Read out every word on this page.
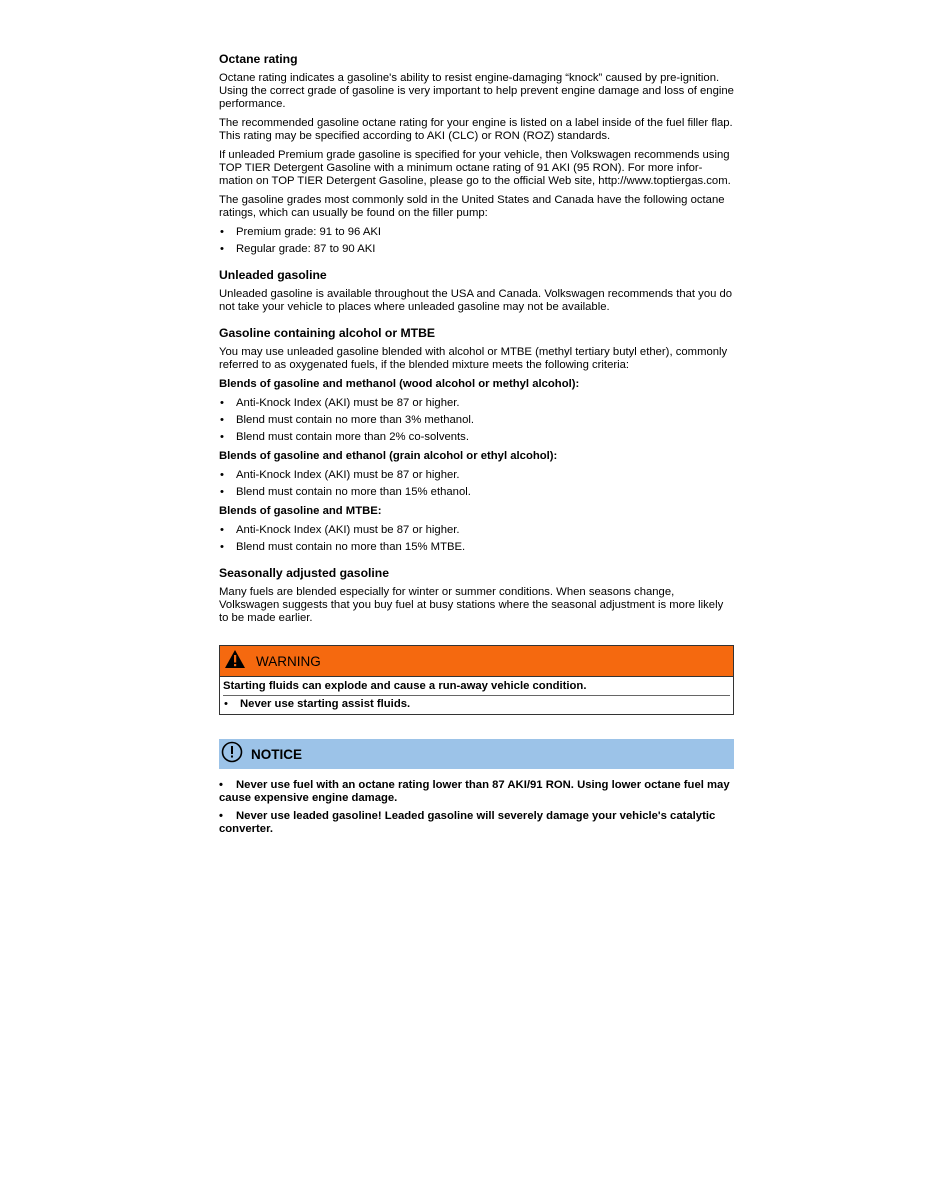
Octane rating

Octane rating indicates a gasoline's ability to resist engine-damaging “knock” caused by pre-ignition. Using the correct grade of gasoline is very important to help prevent engine damage and loss of engine performance.

The recommended gasoline octane rating for your engine is listed on a label inside of the fuel filler flap. This rating may be specified according to AKI (CLC) or RON (ROZ) standards.

If unleaded Premium grade gasoline is specified for your vehicle, then Volkswagen recommends using TOP TIER Detergent Gasoline with a minimum octane rating of 91 AKI (95 RON). For more infor-mation on TOP TIER Detergent Gasoline, please go to the official Web site, http://www.toptiergas.com.

The gasoline grades most commonly sold in the United States and Canada have the following octane ratings, which can usually be found on the filler pump:

• Premium grade: 91 to 96 AKI
• Regular grade: 87 to 90 AKI
Unleaded gasoline

Unleaded gasoline is available throughout the USA and Canada. Volkswagen recommends that you do not take your vehicle to places where unleaded gasoline may not be available.

Gasoline containing alcohol or MTBE

You may use unleaded gasoline blended with alcohol or MTBE (methyl tertiary butyl ether), commonly referred to as oxygenated fuels, if the blended mixture meets the following criteria:

Blends of gasoline and methanol (wood alcohol or methyl alcohol):
• Anti-Knock Index (AKI) must be 87 or higher.
• Blend must contain no more than 3% methanol.
• Blend must contain more than 2% co-solvents.
Blends of gasoline and ethanol (grain alcohol or ethyl alcohol):
• Anti-Knock Index (AKI) must be 87 or higher.
• Blend must contain no more than 15% ethanol.
Blends of gasoline and MTBE:
• Anti-Knock Index (AKI) must be 87 or higher.
• Blend must contain no more than 15% MTBE.
Seasonally adjusted gasoline

Many fuels are blended especially for winter or summer conditions. When seasons change, Volkswagen suggests that you buy fuel at busy stations where the seasonal adjustment is more likely to be made earlier.

WARNING
Starting fluids can explode and cause a run-away vehicle condition.
• Never use starting assist fluids.
NOTICE
• Never use fuel with an octane rating lower than 87 AKI/91 RON. Using lower octane fuel may cause expensive engine damage.
• Never use leaded gasoline! Leaded gasoline will severely damage your vehicle's catalytic converter.
